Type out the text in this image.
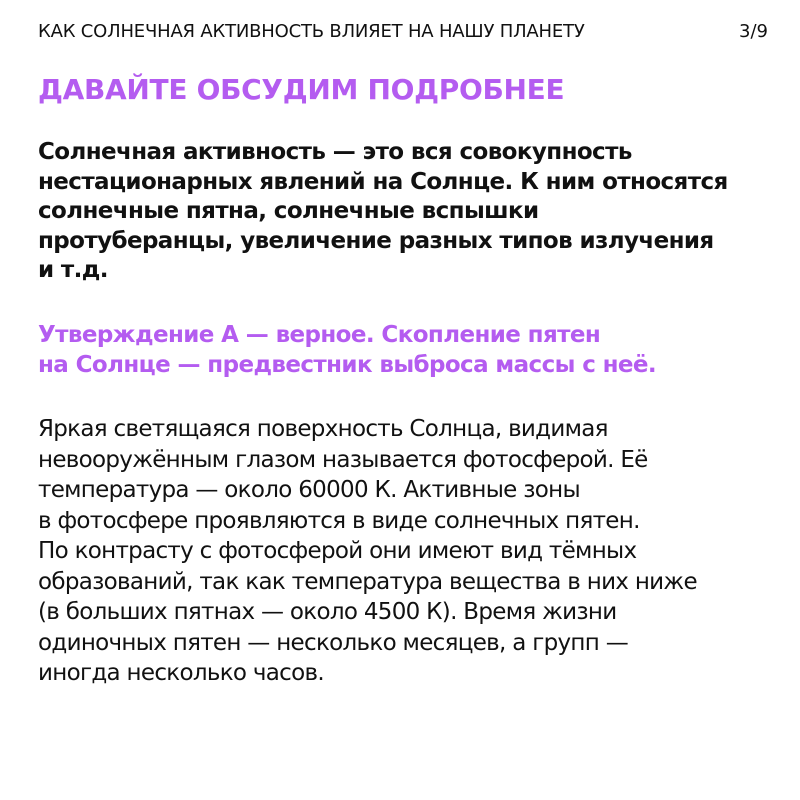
КАК СОЛНЕЧНАЯ АКТИВНОСТЬ ВЛИЯЕТ НА НАШУ ПЛАНЕТУ	3/9
ДАВАЙТЕ ОБСУДИМ ПОДРОБНЕЕ

Солнечная активность — это вся совокупность
нестационарных явлений на Солнце. К ним относятся
солнечные пятна, солнечные вспышки
протуберанцы, увеличение разных типов излучения
и т.д.

Утверждение А — верное. Скопление пятен
на Солнце — предвестник выброса массы с неё.

Яркая светящаяся поверхность Солнца, видимая
невооружённым глазом называется фотосферой. Её
температура — около 60000 К. Активные зоны
в фотосфере проявляются в виде солнечных пятен.
По контрасту с фотосферой они имеют вид тёмных
образований, так как температура вещества в них ниже
(в больших пятнах — около 4500 К). Время жизни
одиночных пятен — несколько месяцев, а групп —
иногда несколько часов.
